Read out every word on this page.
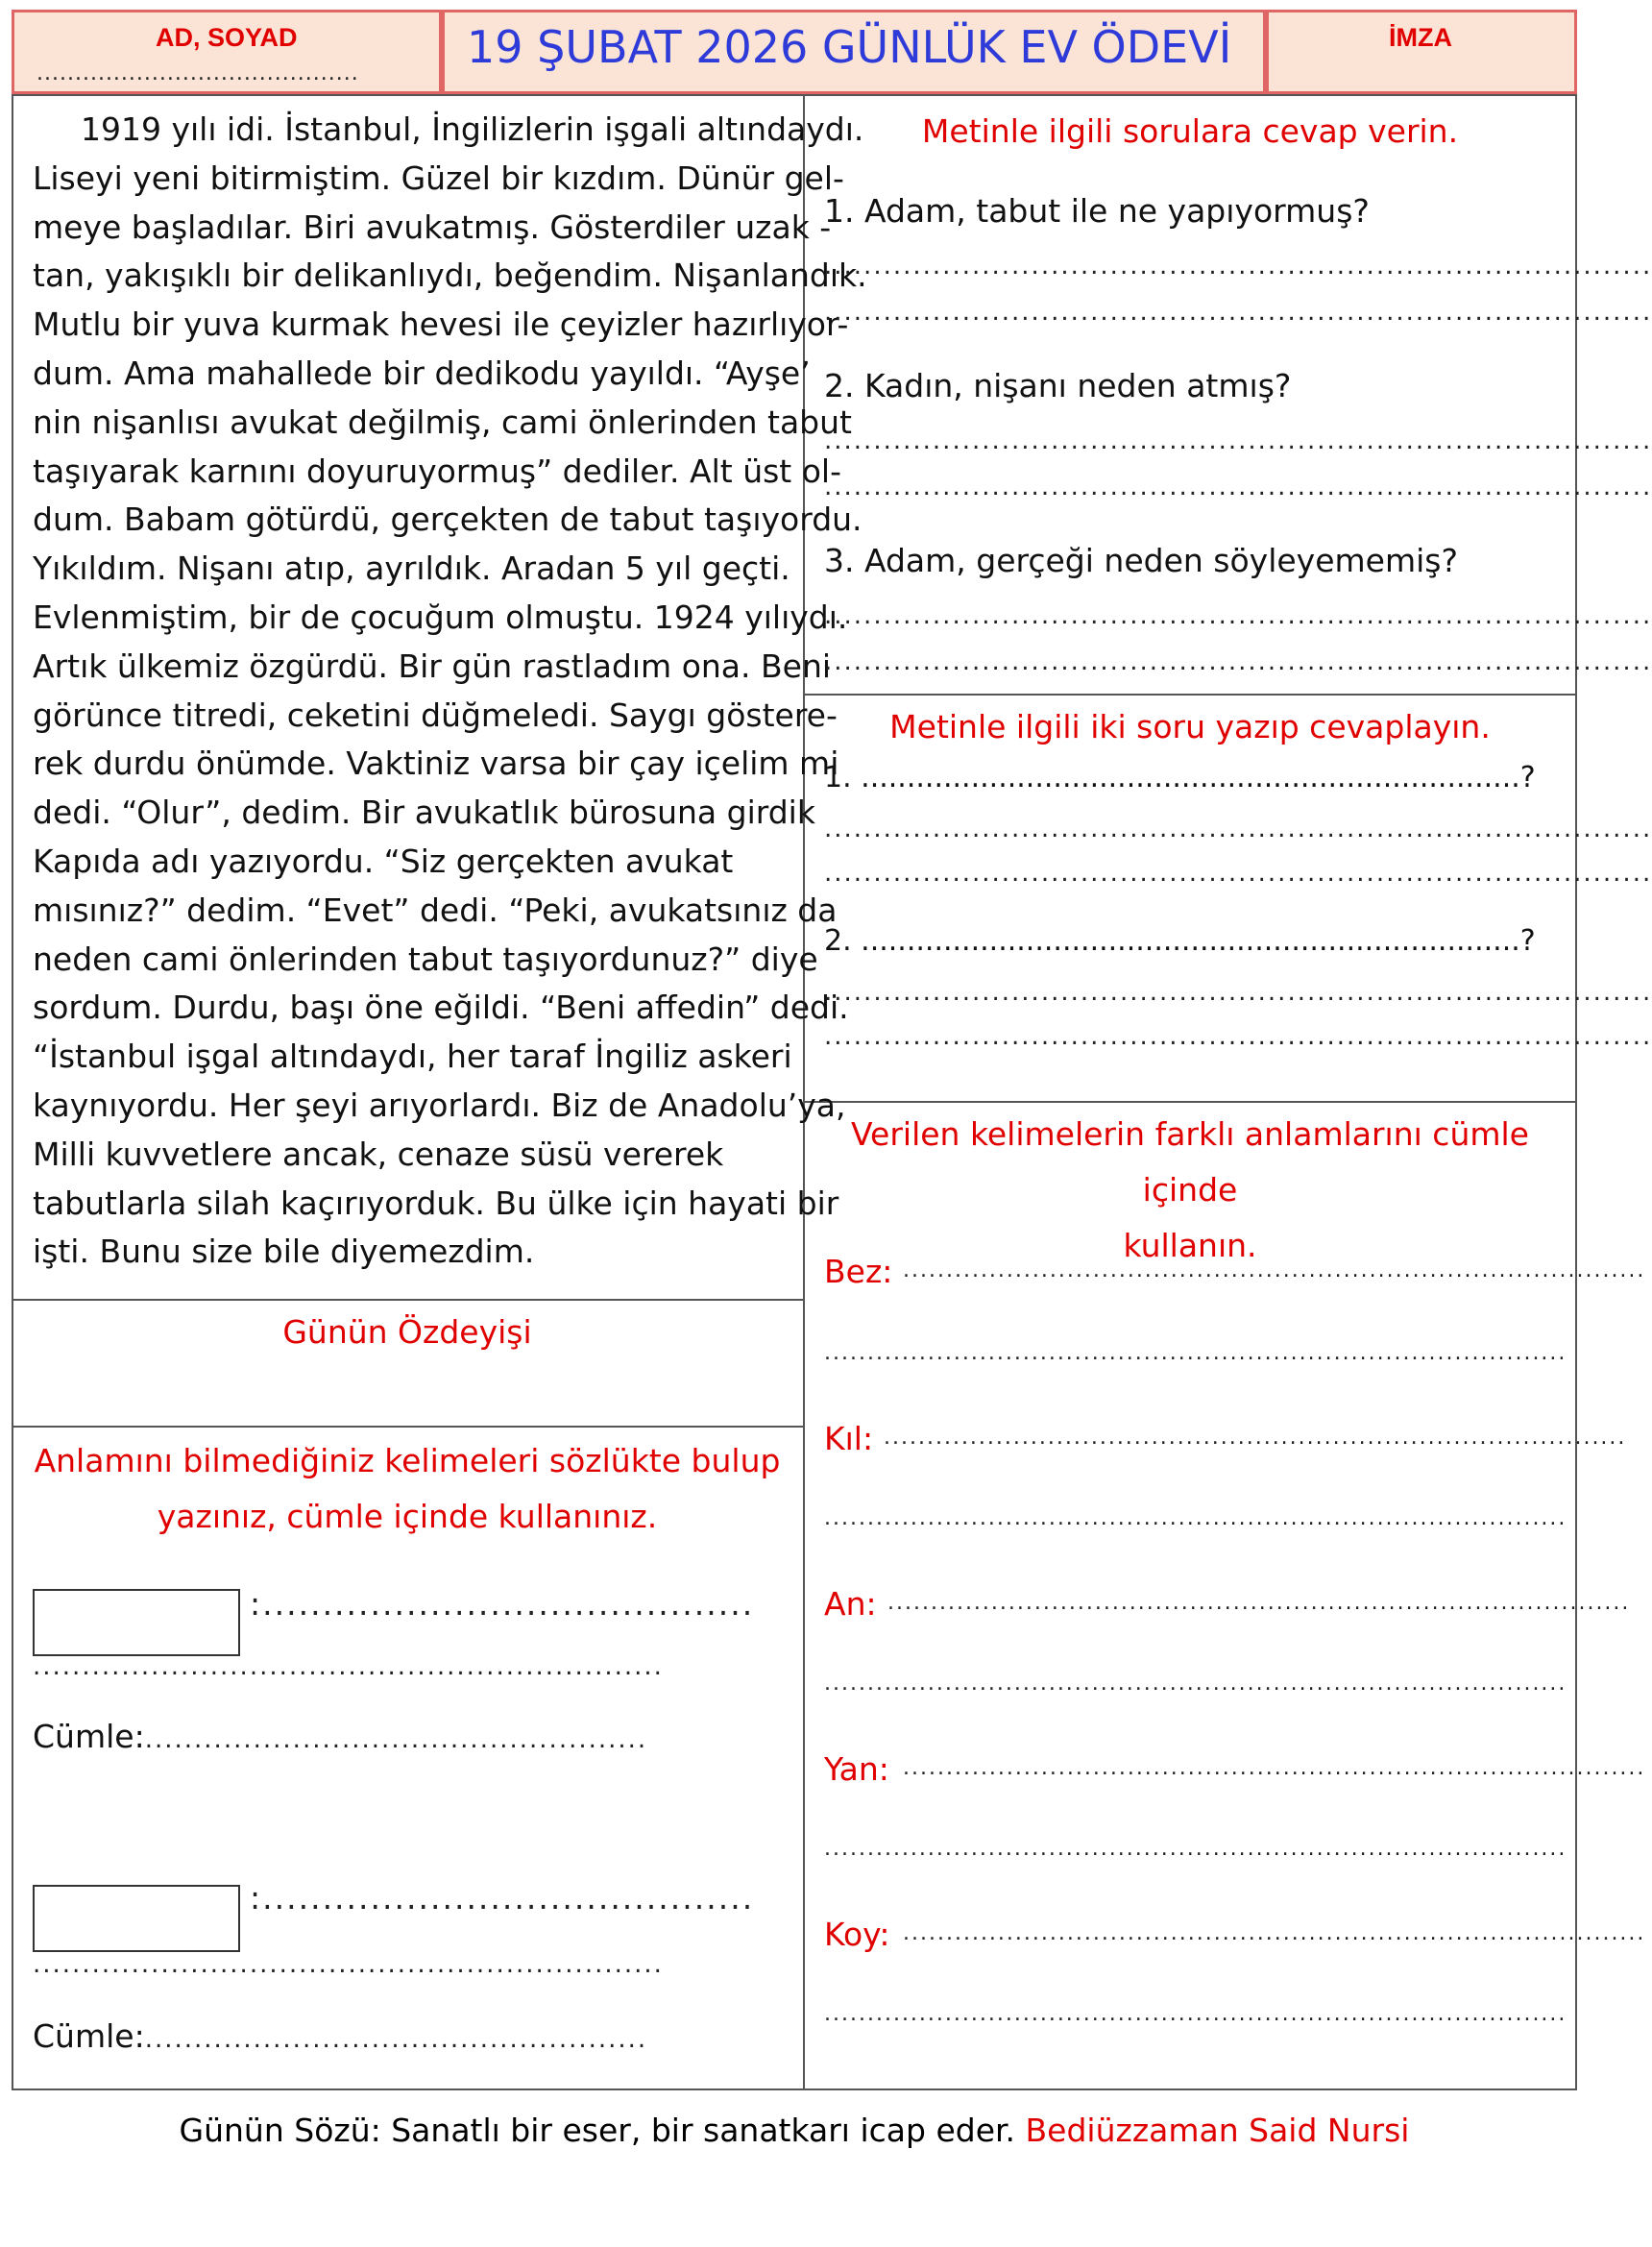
AD, SOYAD
..........................................
19 ŞUBAT 2026 GÜNLÜK EV ÖDEVİ	İMZA
1919 yılı idi. İstanbul, İngilizlerin işgali altındaydı.
Liseyi yeni bitirmiştim. Güzel bir kızdım. Dünür gel-
meye başladılar. Biri avukatmış. Gösterdiler uzak -
tan, yakışıklı bir delikanlıydı, beğendim. Nişanlandık.
Mutlu bir yuva kurmak hevesi ile çeyizler hazırlıyor-
dum. Ama mahallede bir dedikodu yayıldı. “Ayşe’
nin nişanlısı avukat değilmiş, cami önlerinden tabut
taşıyarak karnını doyuruyormuş” dediler. Alt üst ol-
dum. Babam götürdü, gerçekten de tabut taşıyordu.
Yıkıldım. Nişanı atıp, ayrıldık. Aradan 5 yıl geçti.
Evlenmiştim, bir de çocuğum olmuştu. 1924 yılıydı.
Artık ülkemiz özgürdü. Bir gün rastladım ona. Beni
görünce titredi, ceketini düğmeledi. Saygı göstere-
rek durdu önümde. Vaktiniz varsa bir çay içelim mi
dedi. “Olur”, dedim. Bir avukatlık bürosuna girdik
Kapıda adı yazıyordu. “Siz gerçekten avukat
mısınız?” dedim. “Evet” dedi. “Peki, avukatsınız da
neden cami önlerinden tabut taşıyordunuz?” diye
sordum. Durdu, başı öne eğildi. “Beni affedin” dedi.
“İstanbul işgal altındaydı, her taraf İngiliz askeri
kaynıyordu. Her şeyi arıyorlardı. Biz de Anadolu’ya,
Milli kuvvetlere ancak, cenaze süsü vererek
tabutlarla silah kaçırıyorduk. Bu ülke için hayati bir
işti. Bunu size bile diyemezdim.
Günün Özdeyişi
Anlamını bilmediğiniz kelimeleri sözlükte bulup
yazınız, cümle içinde kullanınız.
:.........................................
................................................................
Cümle:...................................................
:.........................................
................................................................
Cümle:...................................................
Metinle ilgili sorulara cevap verin.
1. Adam, tabut ile ne yapıyormuş?
....................................................................................
....................................................................................
2. Kadın, nişanı neden atmış?
....................................................................................
....................................................................................
3. Adam, gerçeği neden söyleyememiş?
....................................................................................
....................................................................................
Metinle ilgili iki soru yazıp cevaplayın.
1. ........................................................................?
....................................................................................
....................................................................................
2. ........................................................................?
....................................................................................
....................................................................................
Verilen kelimelerin farklı anlamlarını cümle içinde
kullanın.
Bez: ......................................................................................
......................................................................................
Kıl: ......................................................................................
......................................................................................
An: ......................................................................................
......................................................................................
Yan: ......................................................................................
......................................................................................
Koy: ......................................................................................
......................................................................................
Günün Sözü: Sanatlı bir eser, bir sanatkarı icap eder. Bediüzzaman Said Nursi
